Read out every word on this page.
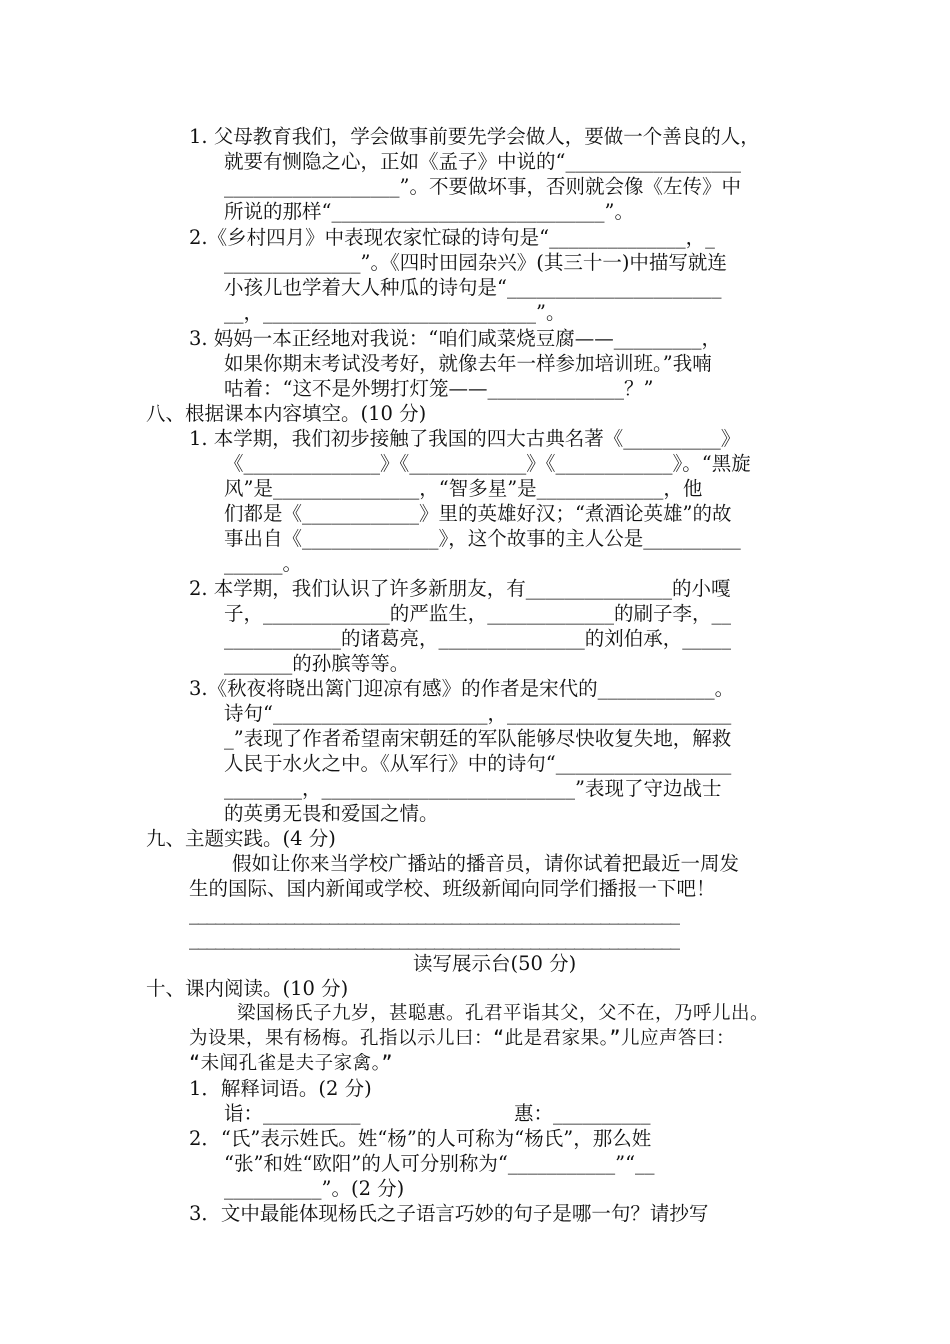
1. 父母教育我们，学会做事前要先学会做人，要做一个善良的人，
就要有恻隐之心，正如《孟子》中说的“__________________
__________________”。不要做坏事，否则就会像《左传》中
所说的那样“____________________________”。
2.《乡村四月》中表现农家忙碌的诗句是“______________，_
______________”。《四时田园杂兴》(其三十一)中描写就连
小孩儿也学着大人种瓜的诗句是“______________________
__，____________________________”。
3. 妈妈一本正经地对我说：“咱们咸菜烧豆腐——_________，
如果你期末考试没考好，就像去年一样参加培训班。”我喃
咕着：“这不是外甥打灯笼——______________？”
八、根据课本内容填空。(10 分)
1. 本学期，我们初步接触了我国的四大古典名著《__________》
《______________》《____________》《____________》。“黑旋
风”是_______________，“智多星”是_____________，他
们都是《____________》里的英雄好汉；“煮酒论英雄”的故
事出自《______________》，这个故事的主人公是__________
______。
2. 本学期，我们认识了许多新朋友，有_______________的小嘎
子，_____________的严监生，_____________的刷子李，__
____________的诸葛亮，_______________的刘伯承，_____
_______的孙膑等等。
3.《秋夜将晓出篱门迎凉有感》的作者是宋代的____________。
诗句“______________________，_______________________
_”表现了作者希望南宋朝廷的军队能够尽快收复失地，解救
人民于水火之中。《从军行》中的诗句“__________________
________，__________________________”表现了守边战士
的英勇无畏和爱国之情。
九、主题实践。(4 分)
假如让你来当学校广播站的播音员，请你试着把最近一周发
生的国际、国内新闻或学校、班级新闻向同学们播报一下吧！
________________________________________________________
________________________________________________________
读写展示台(50 分)
十、课内阅读。(10 分)
梁国杨氏子九岁，甚聪惠。孔君平诣其父，父不在，乃呼儿出。
为设果，果有杨梅。孔指以示儿曰：“此是君家果。”儿应声答曰：
“未闻孔雀是夫子家禽。”
1．解释词语。(2 分)
诣：__________	惠：__________
2．“氏”表示姓氏。姓“杨”的人可称为“杨氏”，那么姓
“张”和姓“欧阳”的人可分别称为“___________”“__
__________”。(2 分)
3．文中最能体现杨氏之子语言巧妙的句子是哪一句？请抄写
